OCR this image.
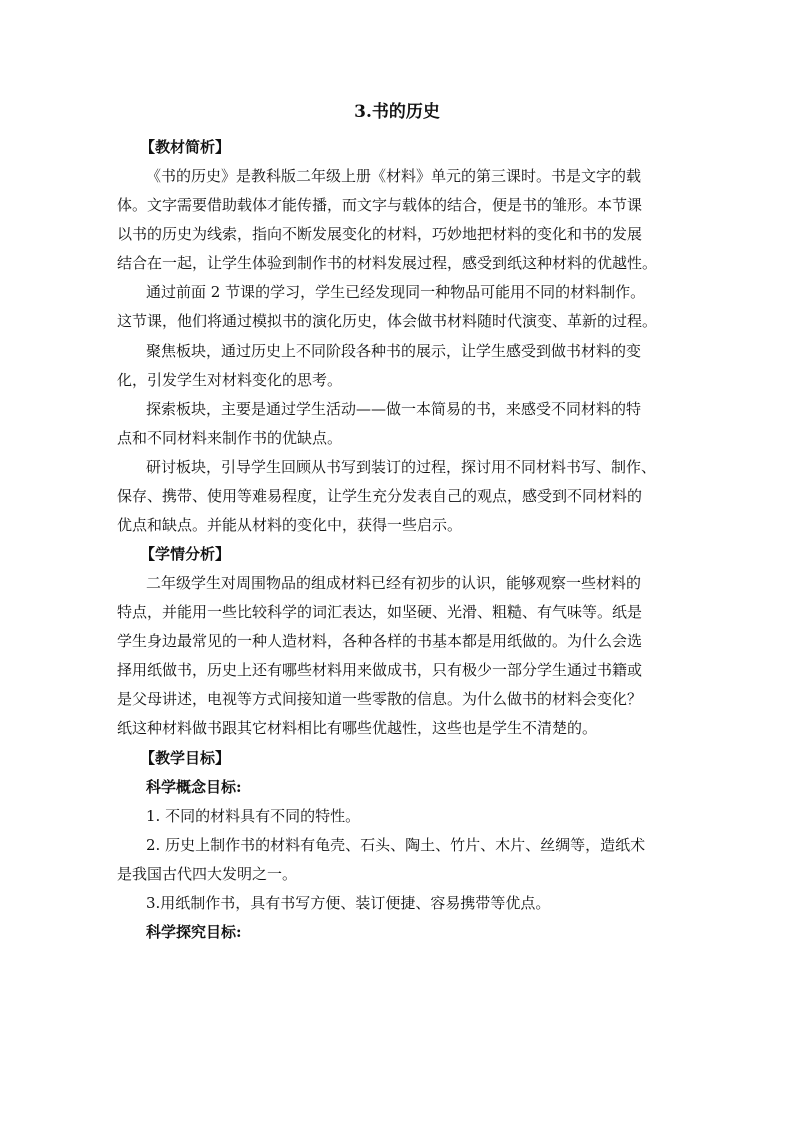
3.书的历史
【教材简析】
《书的历史》是教科版二年级上册《材料》单元的第三课时。书是文字的载
体。文字需要借助载体才能传播，而文字与载体的结合，便是书的雏形。本节课
以书的历史为线索，指向不断发展变化的材料，巧妙地把材料的变化和书的发展
结合在一起，让学生体验到制作书的材料发展过程，感受到纸这种材料的优越性。
通过前面 2 节课的学习，学生已经发现同一种物品可能用不同的材料制作。
这节课，他们将通过模拟书的演化历史，体会做书材料随时代演变、革新的过程。
聚焦板块，通过历史上不同阶段各种书的展示，让学生感受到做书材料的变
化，引发学生对材料变化的思考。
探索板块，主要是通过学生活动——做一本简易的书，来感受不同材料的特
点和不同材料来制作书的优缺点。
研讨板块，引导学生回顾从书写到装订的过程，探讨用不同材料书写、制作、
保存、携带、使用等难易程度，让学生充分发表自己的观点，感受到不同材料的
优点和缺点。并能从材料的变化中，获得一些启示。
【学情分析】
二年级学生对周围物品的组成材料已经有初步的认识，能够观察一些材料的
特点，并能用一些比较科学的词汇表达，如坚硬、光滑、粗糙、有气味等。纸是
学生身边最常见的一种人造材料，各种各样的书基本都是用纸做的。为什么会选
择用纸做书，历史上还有哪些材料用来做成书，只有极少一部分学生通过书籍或
是父母讲述，电视等方式间接知道一些零散的信息。为什么做书的材料会变化？
纸这种材料做书跟其它材料相比有哪些优越性，这些也是学生不清楚的。
【教学目标】
科学概念目标:
1. 不同的材料具有不同的特性。
2. 历史上制作书的材料有龟壳、石头、陶土、竹片、木片、丝绸等，造纸术
是我国古代四大发明之一。
3.用纸制作书，具有书写方便、装订便捷、容易携带等优点。
科学探究目标:
